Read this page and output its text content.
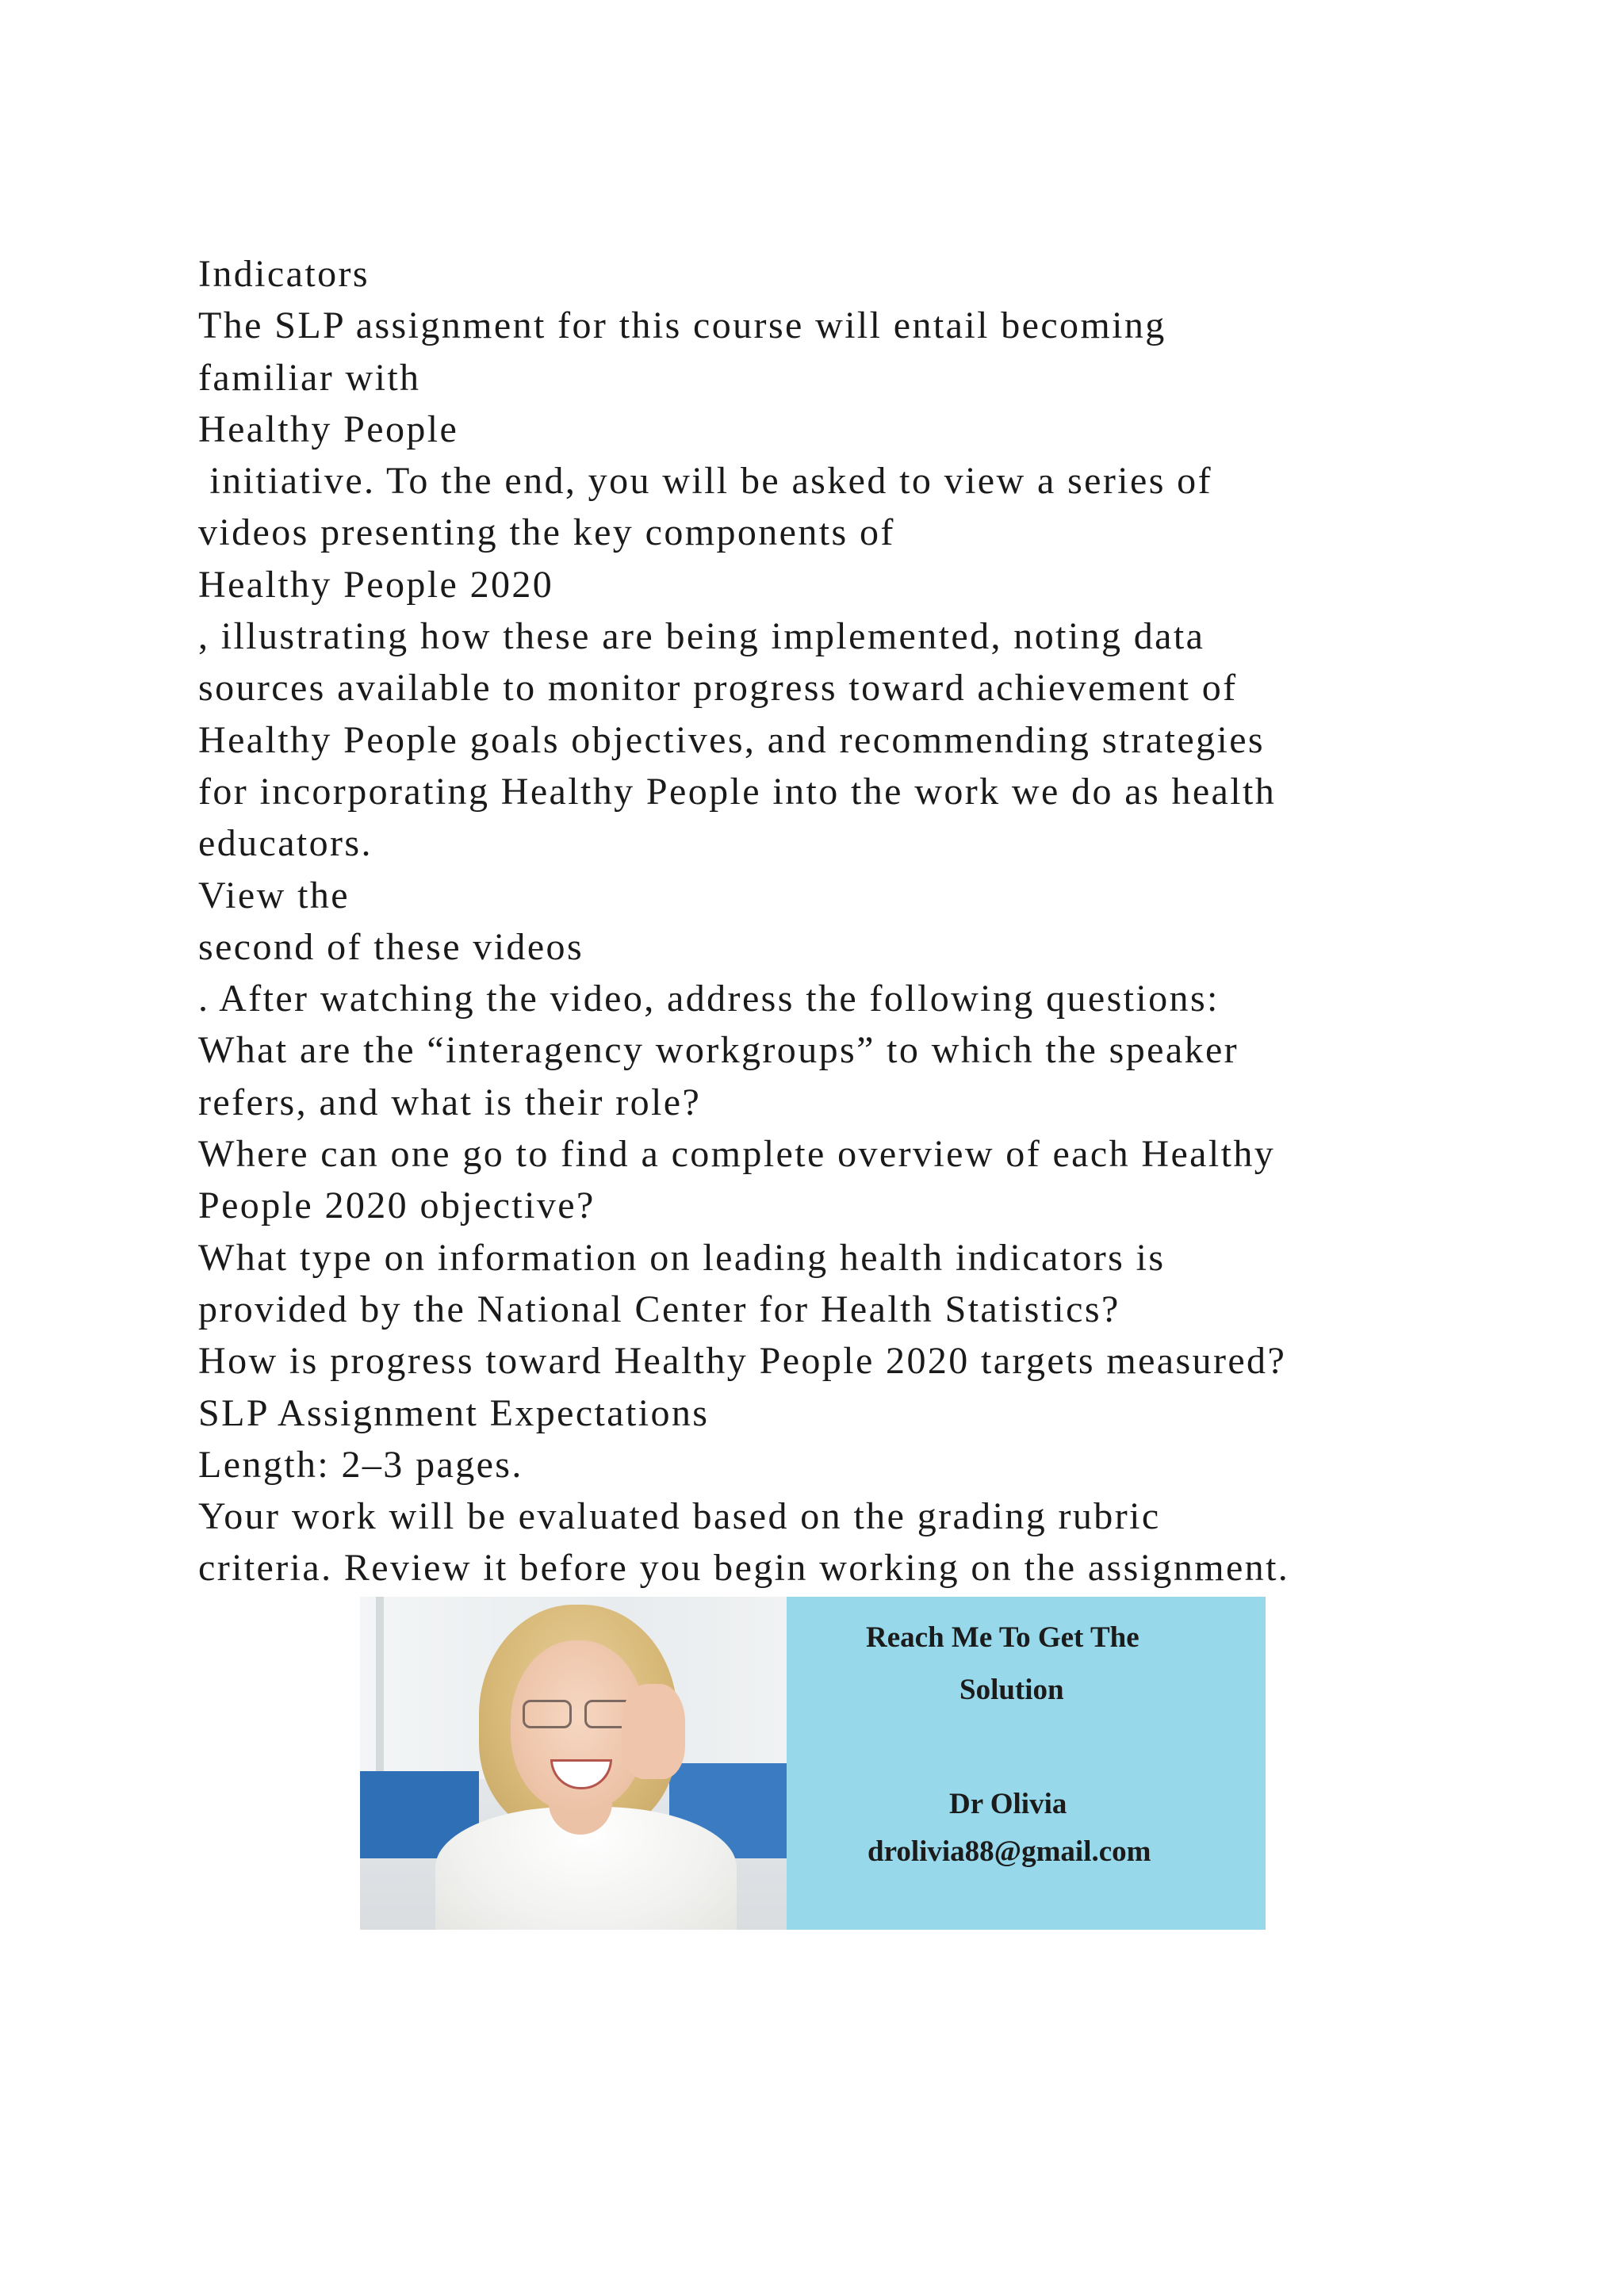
Indicators
The SLP assignment for this course will entail becoming
familiar with
Healthy People
initiative. To the end, you will be asked to view a series of
videos presenting the key components of
Healthy People 2020
, illustrating how these are being implemented, noting data
sources available to monitor progress toward achievement of
Healthy People goals objectives, and recommending strategies
for incorporating Healthy People into the work we do as health
educators.
View the
second of these videos
. After watching the video, address the following questions:
What are the “interagency workgroups” to which the speaker
refers, and what is their role?
Where can one go to find a complete overview of each Healthy
People 2020 objective?
What type on information on leading health indicators is
provided by the National Center for Health Statistics?
How is progress toward Healthy People 2020 targets measured?
SLP Assignment Expectations
Length: 2–3 pages.
Your work will be evaluated based on the grading rubric
criteria. Review it before you begin working on the assignment.
Reach Me To Get The
Solution
Dr Olivia
drolivia88@gmail.com
